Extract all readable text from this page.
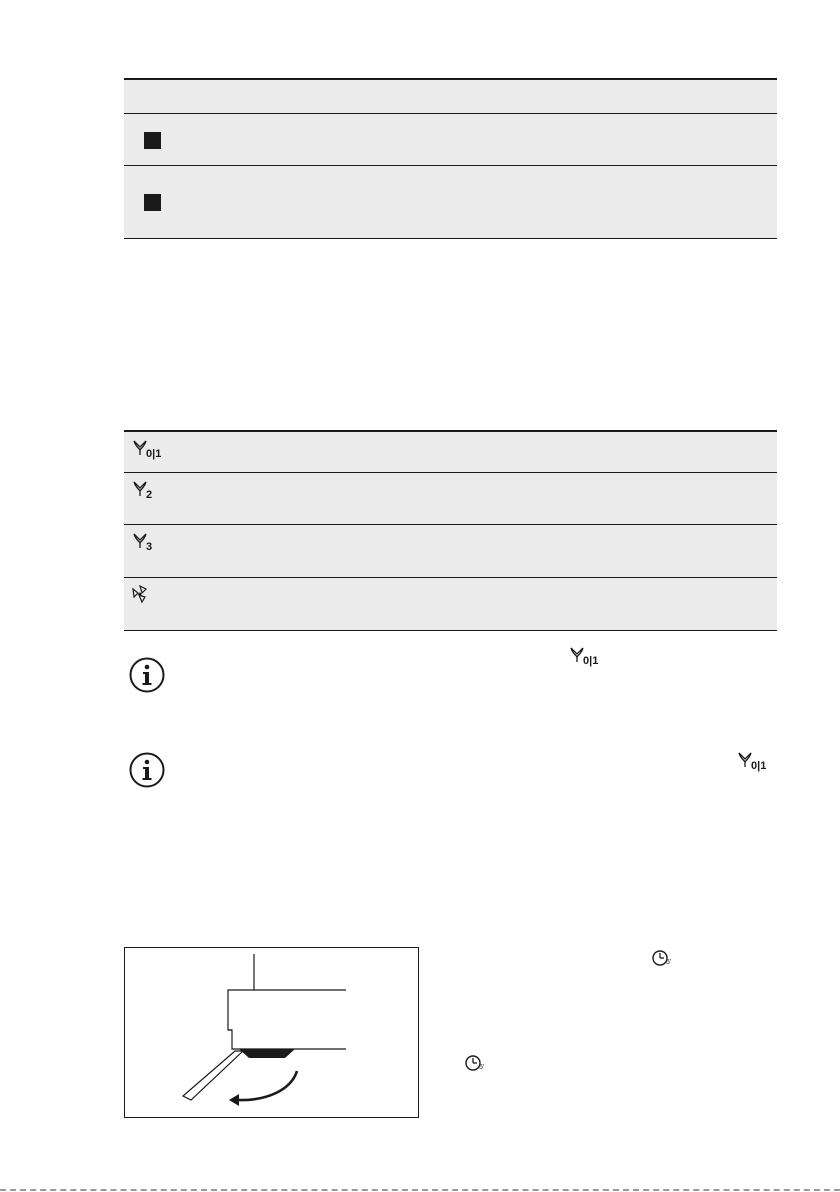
0|1
2
3
0|1
0|1
5'
5'
